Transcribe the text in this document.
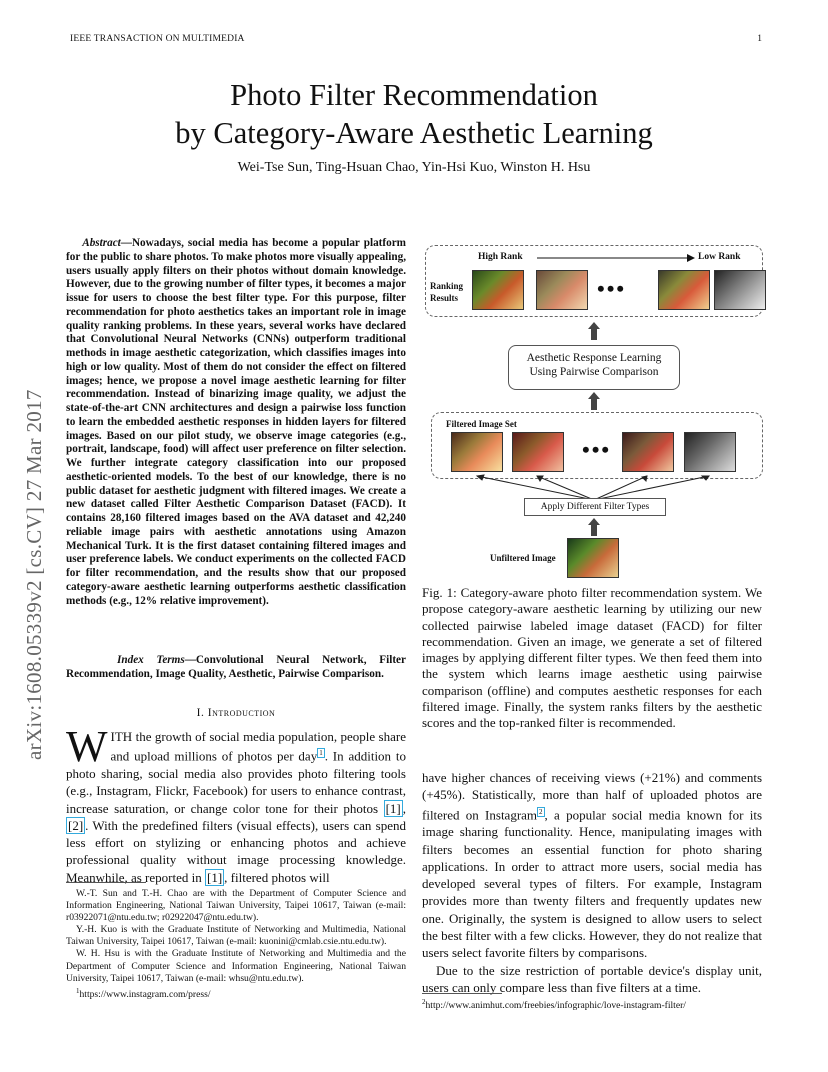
IEEE TRANSACTION ON MULTIMEDIA	1
arXiv:1608.05339v2 [cs.CV] 27 Mar 2017
Photo Filter Recommendation
by Category-Aware Aesthetic Learning
Wei-Tse Sun, Ting-Hsuan Chao, Yin-Hsi Kuo, Winston H. Hsu
Abstract—Nowadays, social media has become a popular platform for the public to share photos. To make photos more visually appealing, users usually apply filters on their photos without domain knowledge. However, due to the growing number of filter types, it becomes a major issue for users to choose the best filter type. For this purpose, filter recommendation for photo aesthetics takes an important role in image quality ranking problems. In these years, several works have declared that Convolutional Neural Networks (CNNs) outperform traditional methods in image aesthetic categorization, which classifies images into high or low quality. Most of them do not consider the effect on filtered images; hence, we propose a novel image aesthetic learning for filter recommendation. Instead of binarizing image quality, we adjust the state-of-the-art CNN architectures and design a pairwise loss function to learn the embedded aesthetic responses in hidden layers for filtered images. Based on our pilot study, we observe image categories (e.g., portrait, landscape, food) will affect user preference on filter selection. We further integrate category classification into our proposed aesthetic-oriented models. To the best of our knowledge, there is no public dataset for aesthetic judgment with filtered images. We create a new dataset called Filter Aesthetic Comparison Dataset (FACD). It contains 28,160 filtered images based on the AVA dataset and 42,240 reliable image pairs with aesthetic annotations using Amazon Mechanical Turk. It is the first dataset containing filtered images and user preference labels. We conduct experiments on the collected FACD for filter recommendation, and the results show that our proposed category-aware aesthetic learning outperforms aesthetic classification methods (e.g., 12% relative improvement).
Index Terms—Convolutional Neural Network, Filter Recommendation, Image Quality, Aesthetic, Pairwise Comparison.
I. Introduction
WITH the growth of social media population, people share and upload millions of photos per day $^1$ . In addition to photo sharing, social media also provides photo filtering tools (e.g., Instagram, Flickr, Facebook) for users to enhance contrast, increase saturation, or change color tone for their photos [1] , [2] . With the predefined filters (visual effects), users can spend less effort on stylizing or enhancing photos and achieve professional quality without image processing knowledge. Meanwhile, as reported in [1] , filtered photos will

W.-T. Sun and T.-H. Chao are with the Department of Computer Science and Information Engineering, National Taiwan University, Taipei 10617, Taiwan (e-mail: r03922071@ntu.edu.tw; r02922047@ntu.edu.tw).

Y.-H. Kuo is with the Graduate Institute of Networking and Multimedia, National Taiwan University, Taipei 10617, Taiwan (e-mail: kuonini@cmlab.csie.ntu.edu.tw).

W. H. Hsu is with the Graduate Institute of Networking and Multimedia and the Department of Computer Science and Information Engineering, National Taiwan University, Taipei 10617, Taiwan (e-mail: whsu@ntu.edu.tw).

$^1$https://www.instagram.com/press/

High Rank	Low Rank
Ranking Results	•••
Aesthetic Response Learning
Using Pairwise Comparison
Filtered Image Set
•••
Apply Different Filter Types
Unfiltered Image
Fig. 1: Category-aware photo filter recommendation system. We propose category-aware aesthetic learning by utilizing our new collected pairwise labeled image dataset (FACD) for filter recommendation. Given an image, we generate a set of filtered images by applying different filter types. We then feed them into the system which learns image aesthetic using pairwise comparison (offline) and computes aesthetic responses for each filtered image. Finally, the system ranks filters by the aesthetic scores and the top-ranked filter is recommended.

have higher chances of receiving views (+21%) and comments (+45%). Statistically, more than half of uploaded photos are filtered on Instagram $^2$ , a popular social media known for its image sharing functionality. Hence, manipulating images with filters becomes an essential function for photo sharing applications. In order to attract more users, social media has developed several types of filters. For example, Instagram provides more than twenty filters and frequently updates new one. Originally, the system is designed to allow users to select the best filter with a few clicks. However, they do not realize that users select favorite filters by comparisons.

Due to the size restriction of portable device's display unit, users can only compare less than five filters at a time.

$^2$http://www.animhut.com/freebies/infographic/love-instagram-filter/
